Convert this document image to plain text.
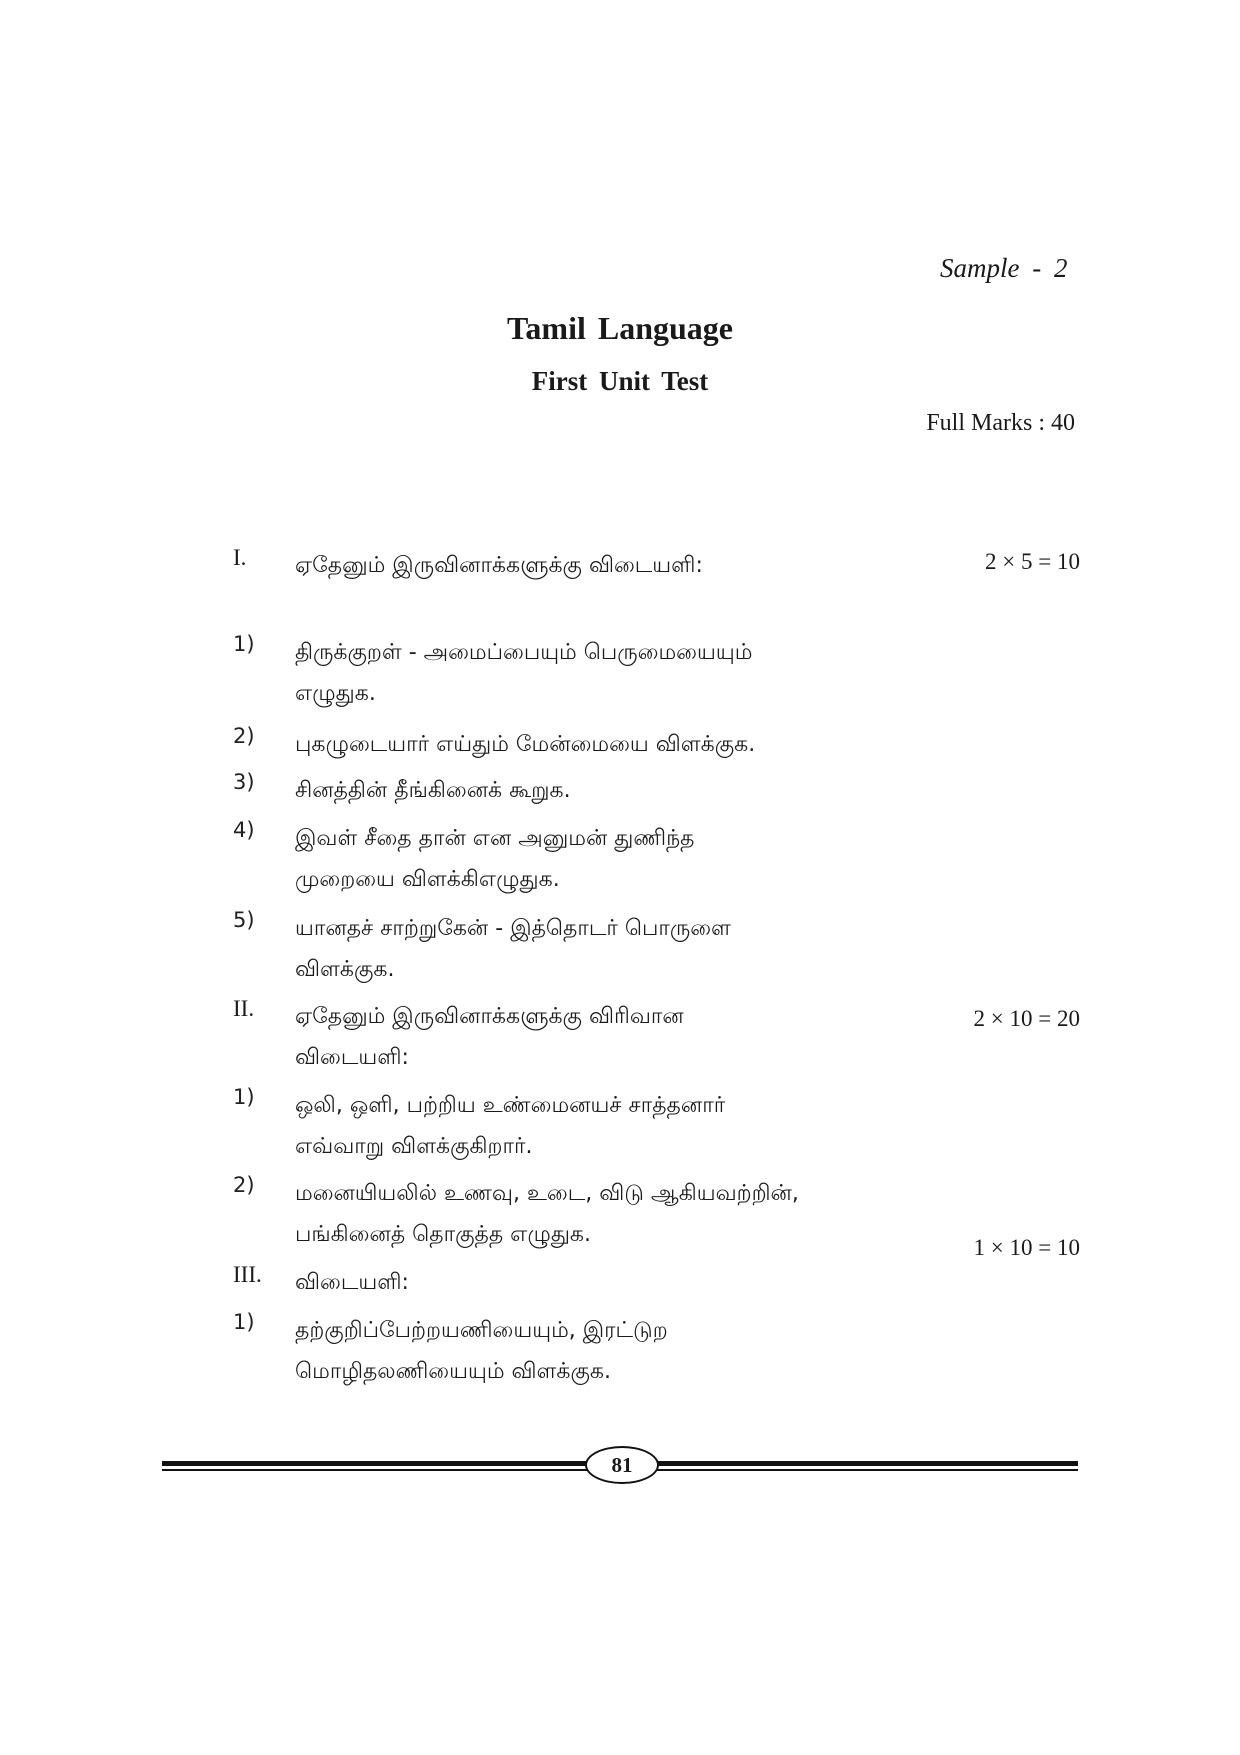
Sample - 2
Tamil Language
First Unit Test
Full Marks : 40
I. ஏதேனும் இருவினாக்களுக்கு விடையளி:	2 × 5 = 10
1) திருக்குறள் - அமைப்பையும் பெருமையையும்
எழுதுக.
2) புகழுடையார் எய்தும் மேன்மையை விளக்குக.
3) சினத்தின் தீங்கினைக் கூறுக.
4) இவள் சீதை தான் என அனுமன் துணிந்த
முறையை விளக்கிஎழுதுக.
5) யானதச் சாற்றுகேன் - இத்தொடர் பொருளை
விளக்குக.
II. ஏதேனும் இருவினாக்களுக்கு விரிவான
விடையளி:
2 × 10 = 20
1) ஒலி, ஒளி, பற்றிய உண்மைனயச் சாத்தனார்
எவ்வாறு விளக்குகிறார்.
2) மனையியலில் உணவு, உடை, விடு ஆகியவற்றின்,
பங்கினைத் தொகுத்த எழுதுக.
1 × 10 = 10
III. விடையளி:
1) தற்குறிப்பேற்றயணியையும், இரட்டுற
மொழிதலணியையும் விளக்குக.
81
